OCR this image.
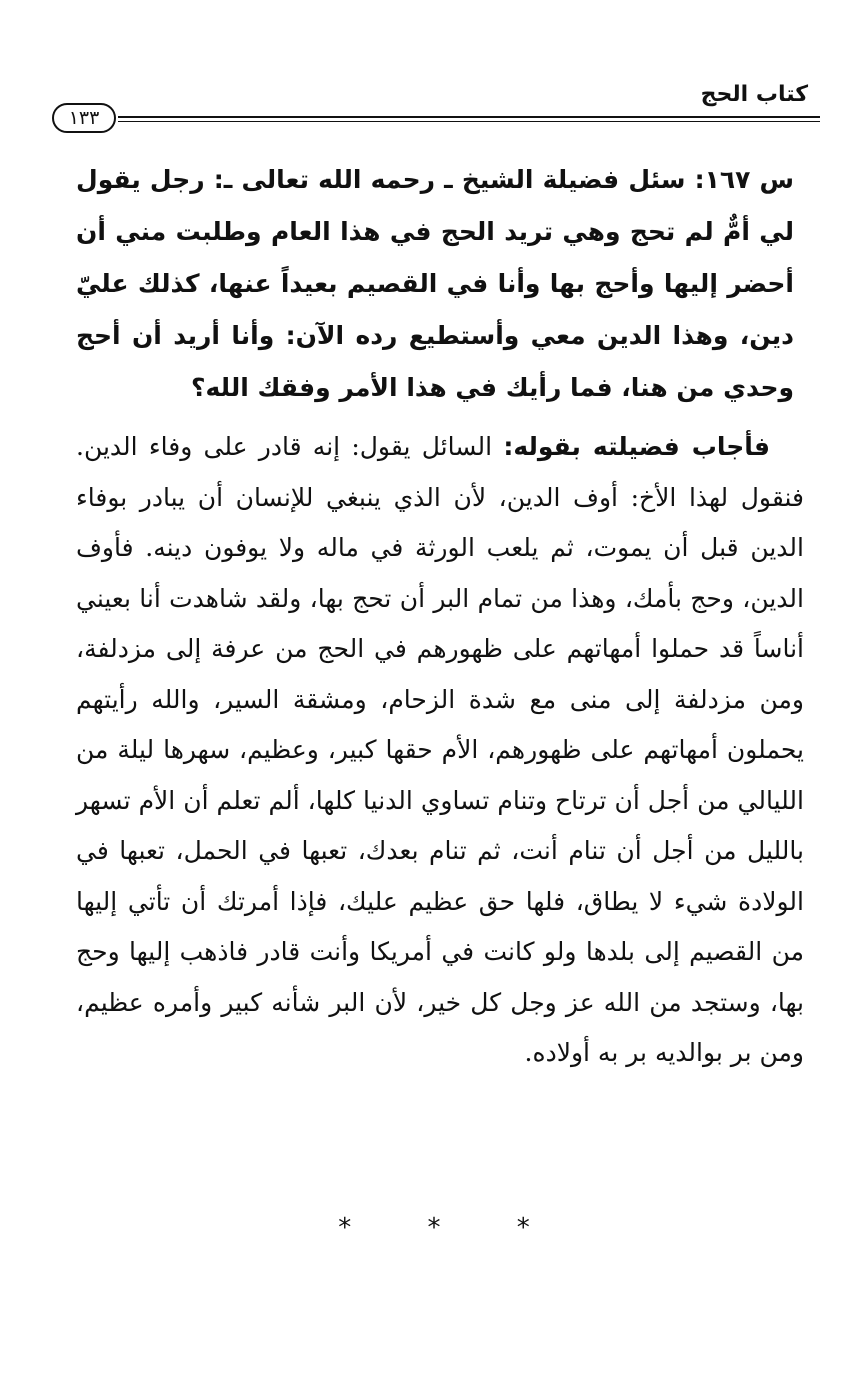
كتاب الحج
١٣٣
س ١٦٧: سئل فضيلة الشيخ ـ رحمه الله تعالى ـ: رجل يقول لي أمٌّ لم تحج وهي تريد الحج في هذا العام وطلبت مني أن أحضر إليها وأحج بها وأنا في القصيم بعيداً عنها، كذلك عليّ دين، وهذا الدين معي وأستطيع رده الآن: وأنا أريد أن أحج وحدي من هنا، فما رأيك في هذا الأمر وفقك الله؟
فأجاب فضيلته بقوله: السائل يقول: إنه قادر على وفاء الدين. فنقول لهذا الأخ: أوف الدين، لأن الذي ينبغي للإنسان أن يبادر بوفاء الدين قبل أن يموت، ثم يلعب الورثة في ماله ولا يوفون دينه. فأوف الدين، وحج بأمك، وهذا من تمام البر أن تحج بها، ولقد شاهدت أنا بعيني أناساً قد حملوا أمهاتهم على ظهورهم في الحج من عرفة إلى مزدلفة، ومن مزدلفة إلى منى مع شدة الزحام، ومشقة السير، والله رأيتهم يحملون أمهاتهم على ظهورهم، الأم حقها كبير، وعظيم، سهرها ليلة من الليالي من أجل أن ترتاح وتنام تساوي الدنيا كلها، ألم تعلم أن الأم تسهر بالليل من أجل أن تنام أنت، ثم تنام بعدك، تعبها في الحمل، تعبها في الولادة شيء لا يطاق، فلها حق عظيم عليك، فإذا أمرتك أن تأتي إليها من القصيم إلى بلدها ولو كانت في أمريكا وأنت قادر فاذهب إليها وحج بها، وستجد من الله عز وجل كل خير، لأن البر شأنه كبير وأمره عظيم، ومن بر بوالديه بر به أولاده.
* * *
